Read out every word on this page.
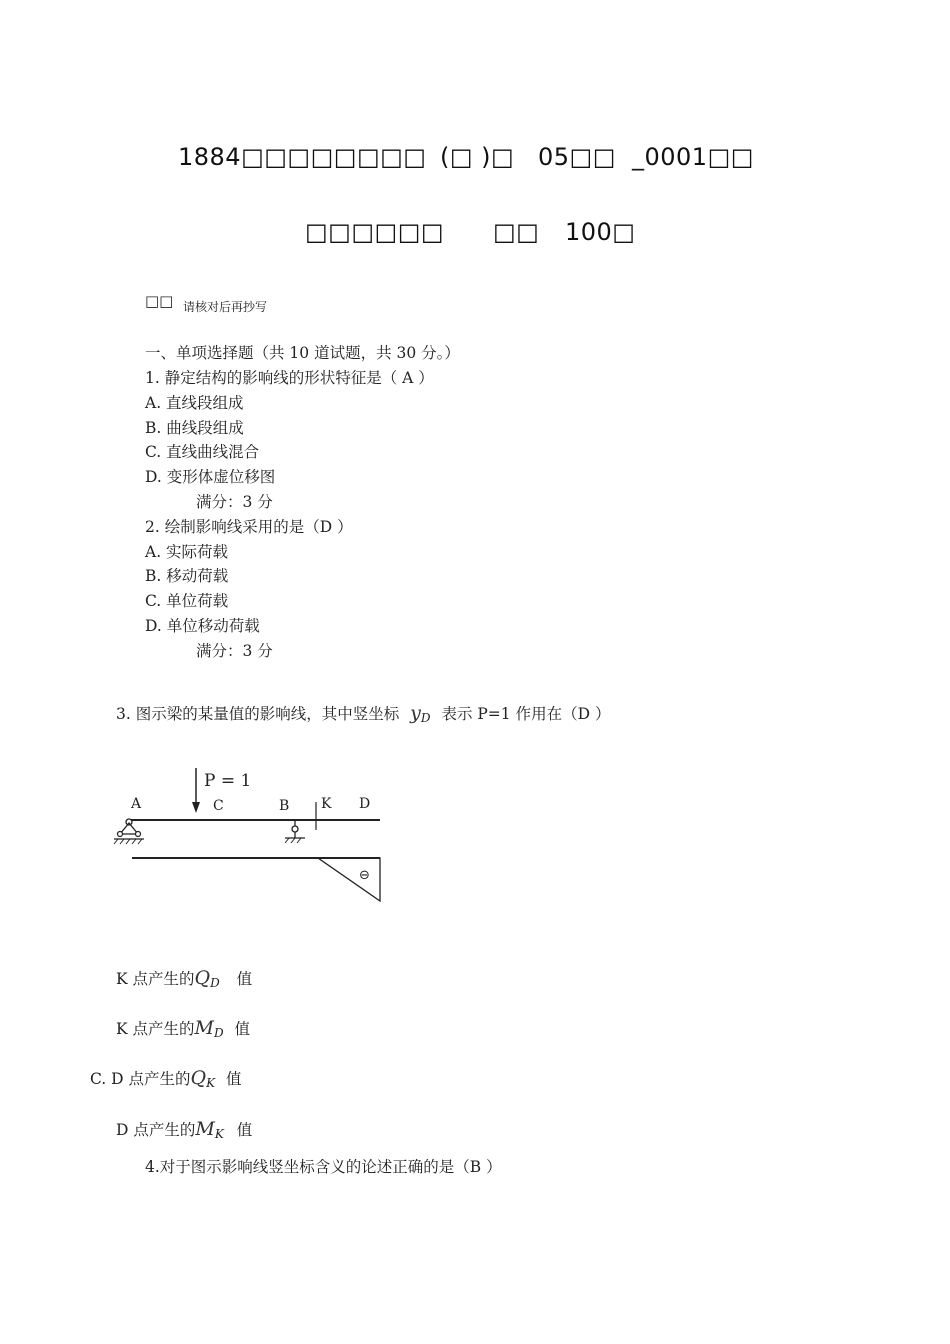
1884□□□□□□□□ (□ )□ 05□□ _0001□□
□□□□□□ □□ 100□
□□ 请核对后再抄写
一、单项选择题（共 10 道试题，共 30 分。）
1. 静定结构的影响线的形状特征是（ A ）
A. 直线段组成
B. 曲线段组成
C. 直线曲线混合
D. 变形体虚位移图
满分：3 分
2. 绘制影响线采用的是（D ）
A. 实际荷载
B. 移动荷载
C. 单位荷载
D. 单位移动荷载
满分：3 分
3. 图示梁的某量值的影响线，其中竖坐标 yD 表示 P=1 作用在（D ）
P = 1
A	C	B K D
⊖
K 点产生的QD 值
K 点产生的MD 值
C. D 点产生的QK 值
D 点产生的MK 值
4.对于图示影响线竖坐标含义的论述正确的是（B ）
